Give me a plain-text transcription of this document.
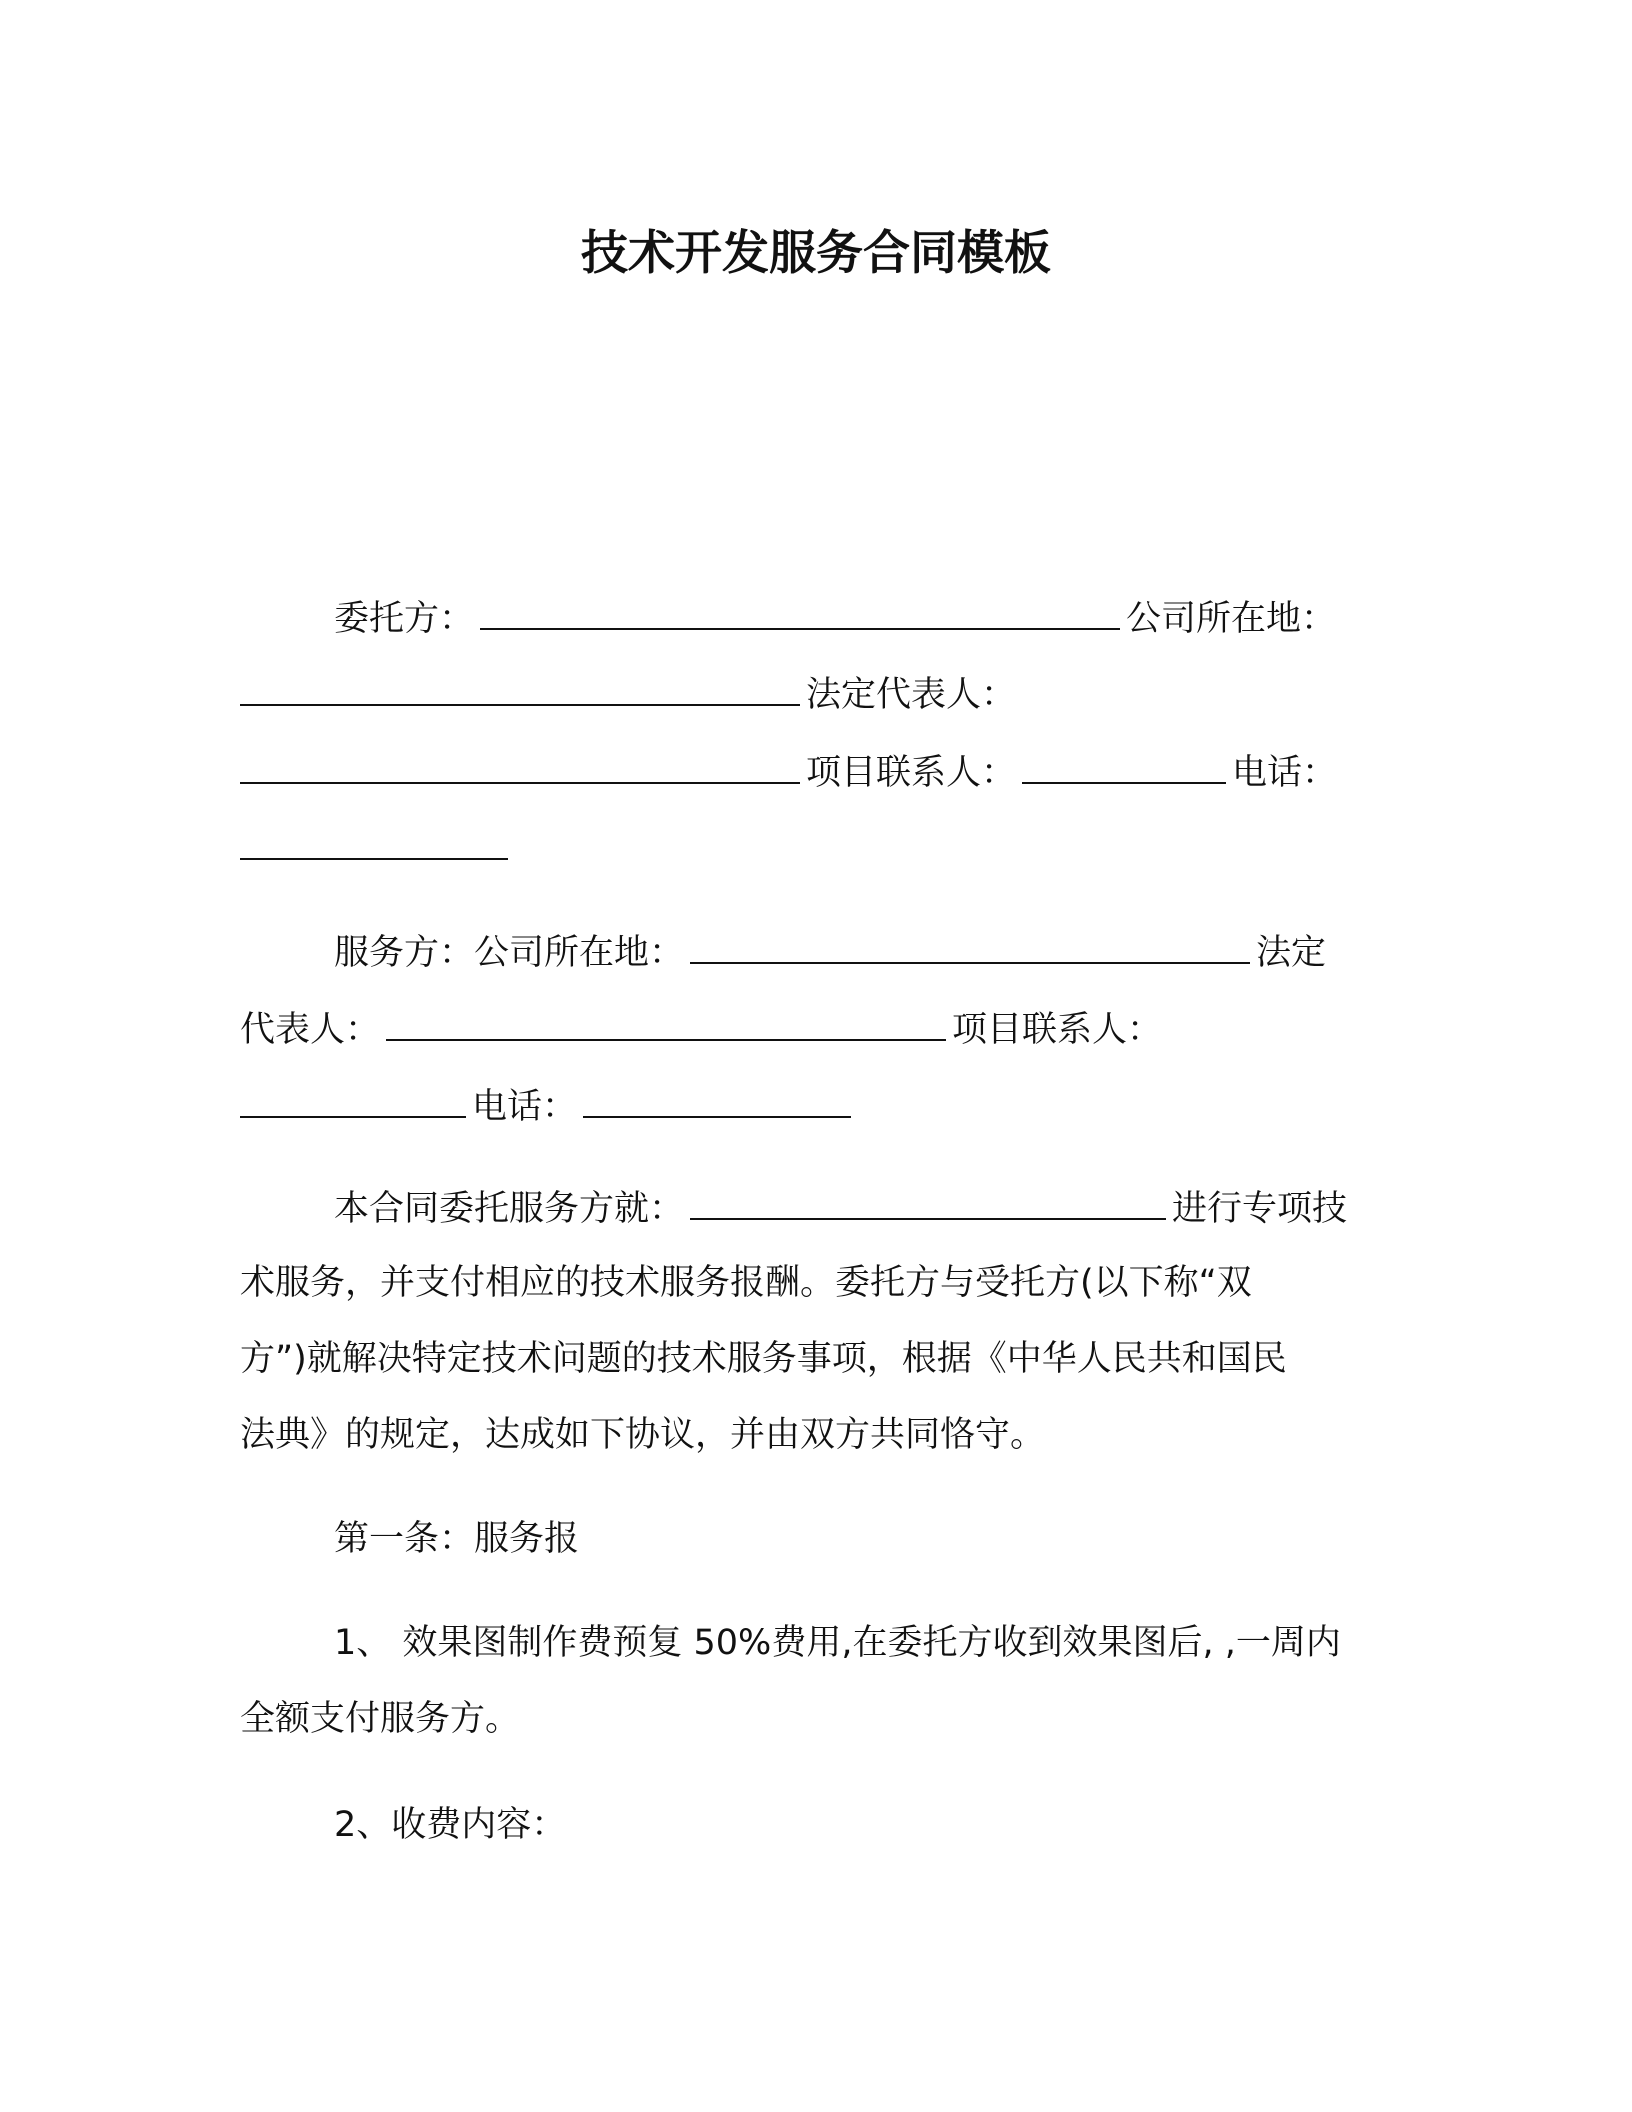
技术开发服务合同模板
委托方：	公司所在地：
法定代表人：
项目联系人：	电话：
服务方：公司所在地：	法定
代表人：	项目联系人：
电话：
本合同委托服务方就：	进行专项技
术服务，并支付相应的技术服务报酬。委托方与受托方(以下称“双
方”)就解决特定技术问题的技术服务事项，根据《中华人民共和国民
法典》的规定，达成如下协议，并由双方共同恪守。
第一条：服务报
1、 效果图制作费预复 50%费用,在委托方收到效果图后, ,一周内
全额支付服务方。
2、收费内容：
